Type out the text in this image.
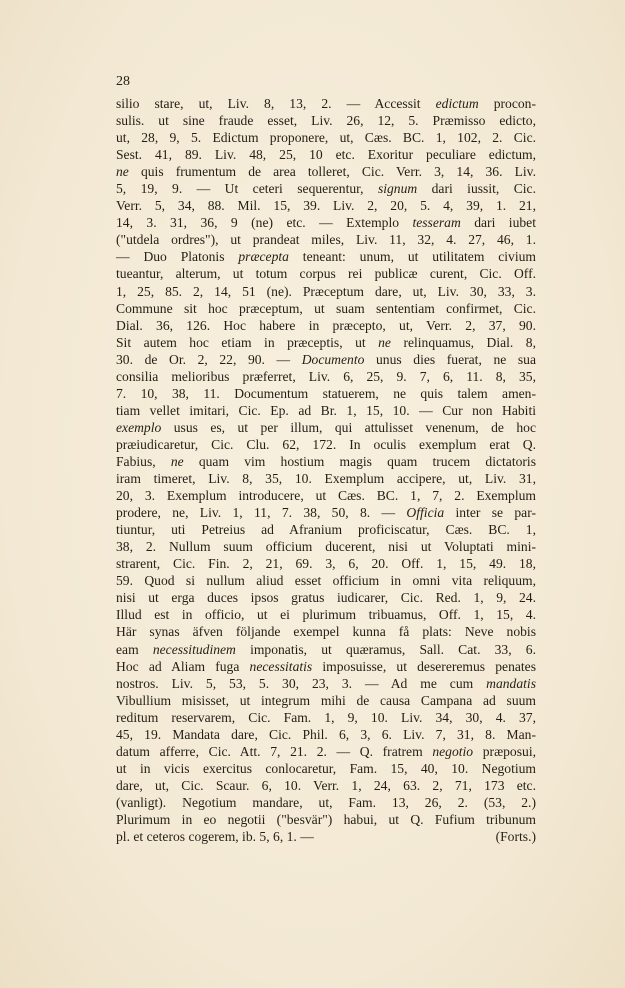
28
silio stare, ut, Liv. 8, 13, 2. — Accessit edictum procon-
sulis. ut sine fraude esset, Liv. 26, 12, 5. Præmisso edicto,
ut, 28, 9, 5. Edictum proponere, ut, Cæs. BC. 1, 102, 2. Cic.
Sest. 41, 89. Liv. 48, 25, 10 etc. Exoritur peculiare edictum,
ne quis frumentum de area tolleret, Cic. Verr. 3, 14, 36. Liv.
5, 19, 9. — Ut ceteri sequerentur, signum dari iussit, Cic.
Verr. 5, 34, 88. Mil. 15, 39. Liv. 2, 20, 5. 4, 39, 1. 21,
14, 3. 31, 36, 9 (ne) etc. — Extemplo tesseram dari iubet
("utdela ordres"), ut prandeat miles, Liv. 11, 32, 4. 27, 46, 1.
— Duo Platonis præcepta teneant: unum, ut utilitatem civium
tueantur, alterum, ut totum corpus rei publicæ curent, Cic. Off.
1, 25, 85. 2, 14, 51 (ne). Præceptum dare, ut, Liv. 30, 33, 3.
Commune sit hoc præceptum, ut suam sententiam confirmet, Cic.
Dial. 36, 126. Hoc habere in præcepto, ut, Verr. 2, 37, 90.
Sit autem hoc etiam in præceptis, ut ne relinquamus, Dial. 8,
30. de Or. 2, 22, 90. — Documento unus dies fuerat, ne sua
consilia melioribus præferret, Liv. 6, 25, 9. 7, 6, 11. 8, 35,
7. 10, 38, 11. Documentum statuerem, ne quis talem amen-
tiam vellet imitari, Cic. Ep. ad Br. 1, 15, 10. — Cur non Habiti
exemplo usus es, ut per illum, qui attulisset venenum, de hoc
præiudicaretur, Cic. Clu. 62, 172. In oculis exemplum erat Q.
Fabius, ne quam vim hostium magis quam trucem dictatoris
iram timeret, Liv. 8, 35, 10. Exemplum accipere, ut, Liv. 31,
20, 3. Exemplum introducere, ut Cæs. BC. 1, 7, 2. Exemplum
prodere, ne, Liv. 1, 11, 7. 38, 50, 8. — Officia inter se par-
tiuntur, uti Petreius ad Afranium proficiscatur, Cæs. BC. 1,
38, 2. Nullum suum officium ducerent, nisi ut Voluptati mini-
strarent, Cic. Fin. 2, 21, 69. 3, 6, 20. Off. 1, 15, 49. 18,
59. Quod si nullum aliud esset officium in omni vita reliquum,
nisi ut erga duces ipsos gratus iudicarer, Cic. Red. 1, 9, 24.
Illud est in officio, ut ei plurimum tribuamus, Off. 1, 15, 4.
Här synas äfven följande exempel kunna få plats: Neve nobis
eam necessitudinem imponatis, ut quæramus, Sall. Cat. 33, 6.
Hoc ad Aliam fuga necessitatis imposuisse, ut desereremus penates
nostros. Liv. 5, 53, 5. 30, 23, 3. — Ad me cum mandatis
Vibullium misisset, ut integrum mihi de causa Campana ad suum
reditum reservarem, Cic. Fam. 1, 9, 10. Liv. 34, 30, 4. 37,
45, 19. Mandata dare, Cic. Phil. 6, 3, 6. Liv. 7, 31, 8. Man-
datum afferre, Cic. Att. 7, 21. 2. — Q. fratrem negotio præposui,
ut in vicis exercitus conlocaretur, Fam. 15, 40, 10. Negotium
dare, ut, Cic. Scaur. 6, 10. Verr. 1, 24, 63. 2, 71, 173 etc.
(vanligt). Negotium mandare, ut, Fam. 13, 26, 2. (53, 2.)
Plurimum in eo negotii ("besvär") habui, ut Q. Fufium tribunum
pl. et ceteros cogerem, ib. 5, 6, 1. —	(Forts.)
